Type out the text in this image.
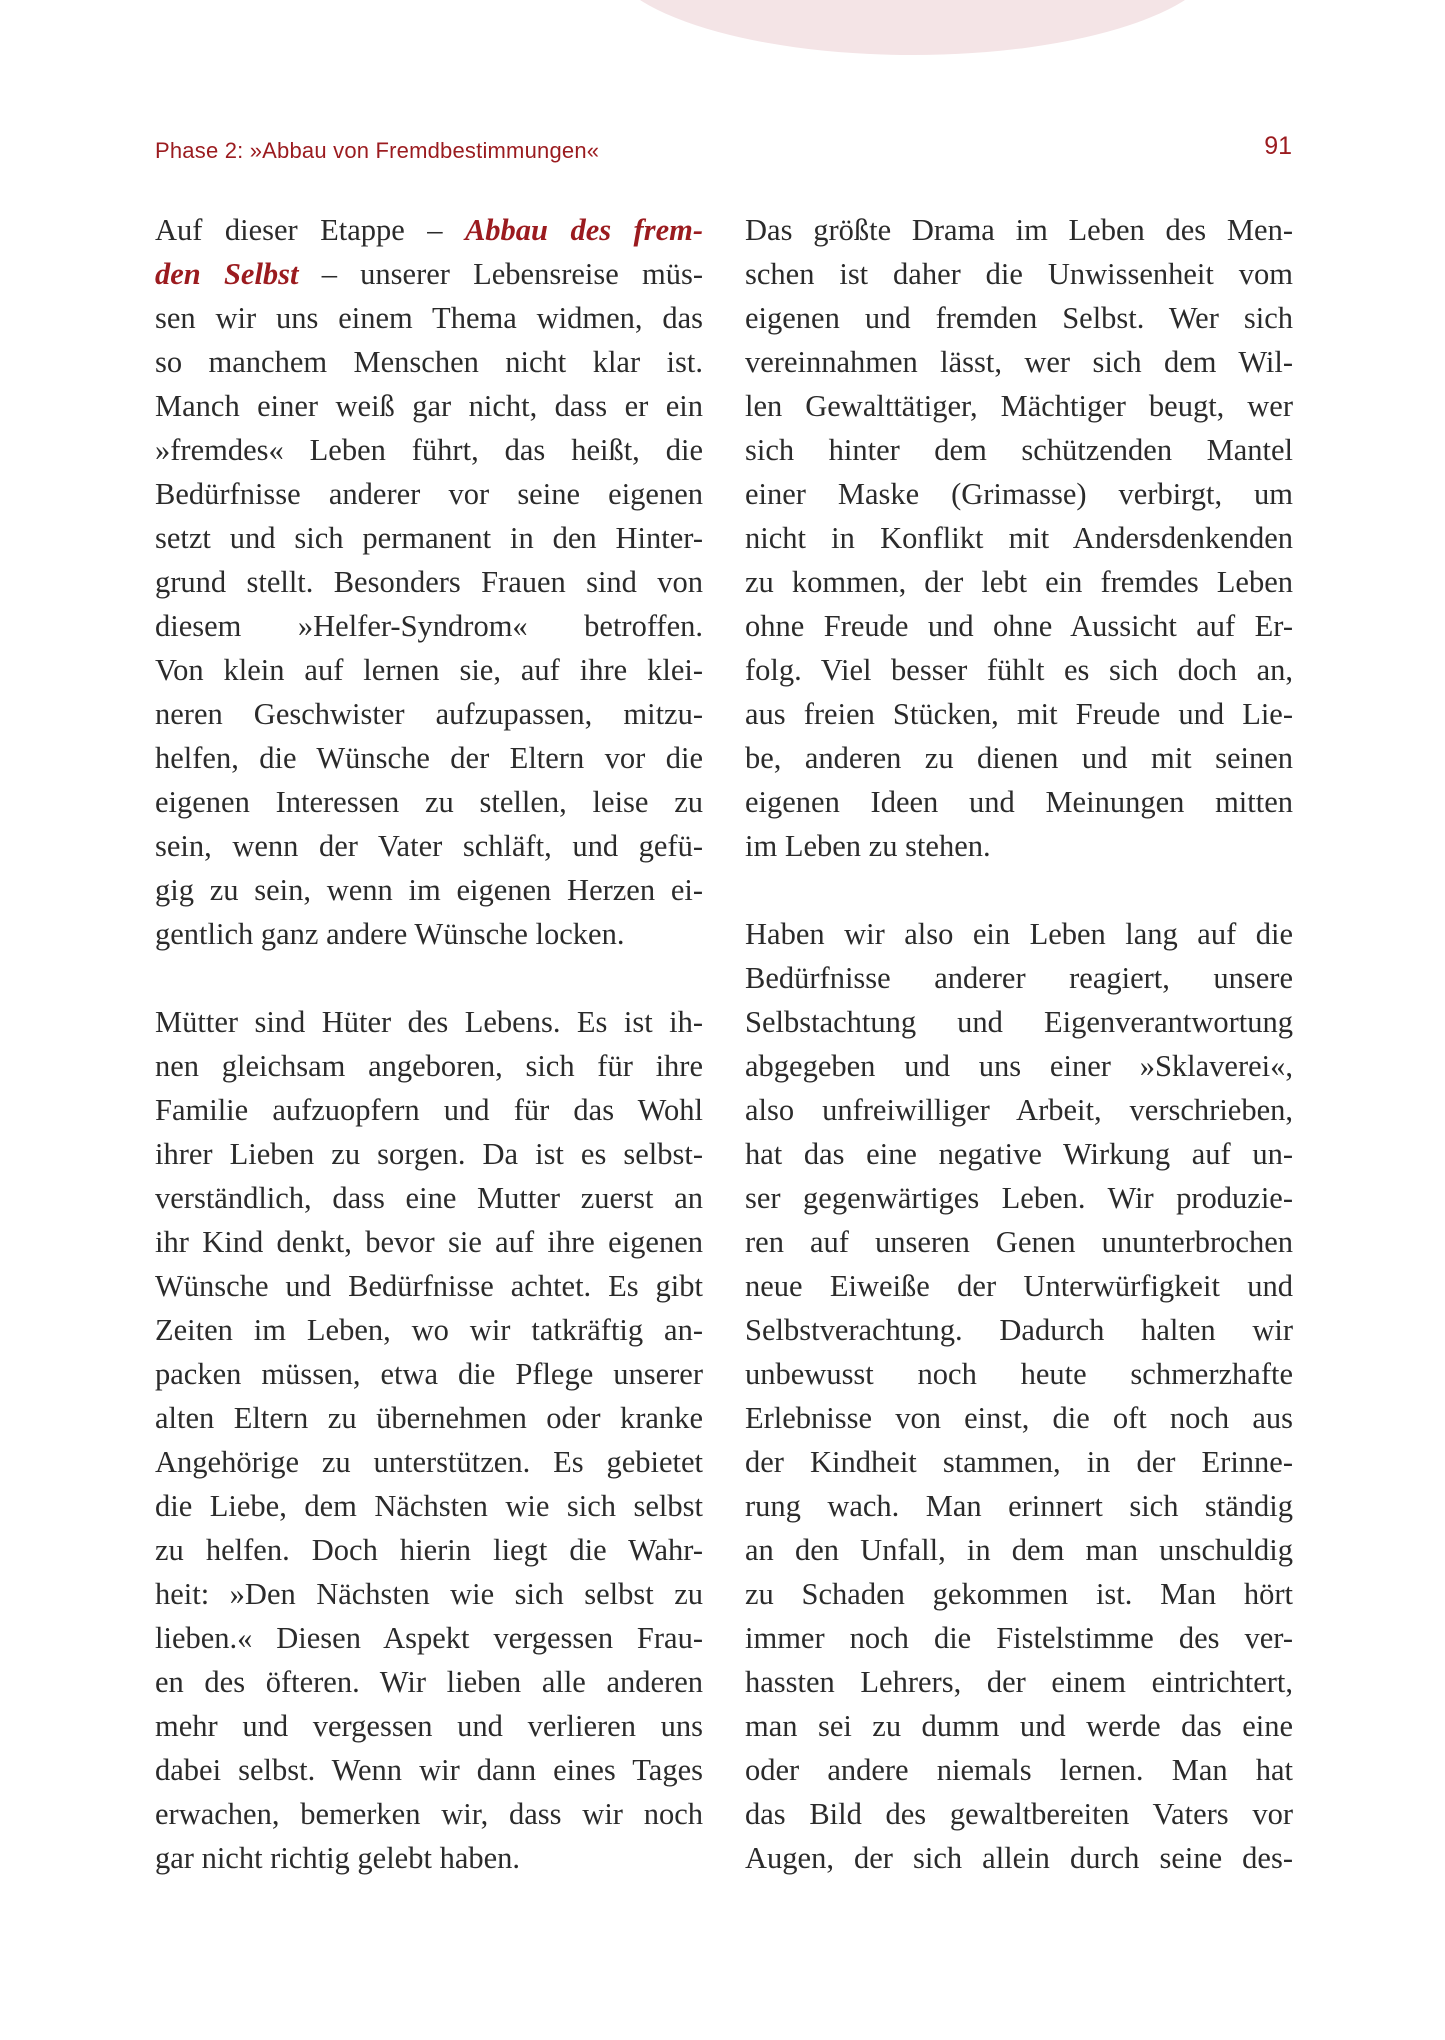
Phase 2: »Abbau von Fremdbestimmungen«	91
Auf dieser Etappe – Abbau des frem-
den Selbst – unserer Lebensreise müs-
sen wir uns einem Thema widmen, das
so manchem Menschen nicht klar ist.
Manch einer weiß gar nicht, dass er ein
»fremdes« Leben führt, das heißt, die
Bedürfnisse anderer vor seine eigenen
setzt und sich permanent in den Hinter-
grund stellt. Besonders Frauen sind von
diesem »Helfer-Syndrom« betroffen.
Von klein auf lernen sie, auf ihre klei-
neren Geschwister aufzupassen, mitzu-
helfen, die Wünsche der Eltern vor die
eigenen Interessen zu stellen, leise zu
sein, wenn der Vater schläft, und gefü-
gig zu sein, wenn im eigenen Herzen ei-
gentlich ganz andere Wünsche locken.
Mütter sind Hüter des Lebens. Es ist ih-
nen gleichsam angeboren, sich für ihre
Familie aufzuopfern und für das Wohl
ihrer Lieben zu sorgen. Da ist es selbst-
verständlich, dass eine Mutter zuerst an
ihr Kind denkt, bevor sie auf ihre eigenen
Wünsche und Bedürfnisse achtet. Es gibt
Zeiten im Leben, wo wir tatkräftig an-
packen müssen, etwa die Pflege unserer
alten Eltern zu übernehmen oder kranke
Angehörige zu unterstützen. Es gebietet
die Liebe, dem Nächsten wie sich selbst
zu helfen. Doch hierin liegt die Wahr-
heit: »Den Nächsten wie sich selbst zu
lieben.« Diesen Aspekt vergessen Frau-
en des öfteren. Wir lieben alle anderen
mehr und vergessen und verlieren uns
dabei selbst. Wenn wir dann eines Tages
erwachen, bemerken wir, dass wir noch
gar nicht richtig gelebt haben.
Das größte Drama im Leben des Men-
schen ist daher die Unwissenheit vom
eigenen und fremden Selbst. Wer sich
vereinnahmen lässt, wer sich dem Wil-
len Gewalttätiger, Mächtiger beugt, wer
sich hinter dem schützenden Mantel
einer Maske (Grimasse) verbirgt, um
nicht in Konflikt mit Andersdenkenden
zu kommen, der lebt ein fremdes Leben
ohne Freude und ohne Aussicht auf Er-
folg. Viel besser fühlt es sich doch an,
aus freien Stücken, mit Freude und Lie-
be, anderen zu dienen und mit seinen
eigenen Ideen und Meinungen mitten
im Leben zu stehen.
Haben wir also ein Leben lang auf die
Bedürfnisse anderer reagiert, unsere
Selbstachtung und Eigenverantwortung
abgegeben und uns einer »Sklaverei«,
also unfreiwilliger Arbeit, verschrieben,
hat das eine negative Wirkung auf un-
ser gegenwärtiges Leben. Wir produzie-
ren auf unseren Genen ununterbrochen
neue Eiweiße der Unterwürfigkeit und
Selbstverachtung. Dadurch halten wir
unbewusst noch heute schmerzhafte
Erlebnisse von einst, die oft noch aus
der Kindheit stammen, in der Erinne-
rung wach. Man erinnert sich ständig
an den Unfall, in dem man unschuldig
zu Schaden gekommen ist. Man hört
immer noch die Fistelstimme des ver-
hassten Lehrers, der einem eintrichtert,
man sei zu dumm und werde das eine
oder andere niemals lernen. Man hat
das Bild des gewaltbereiten Vaters vor
Augen, der sich allein durch seine des-
